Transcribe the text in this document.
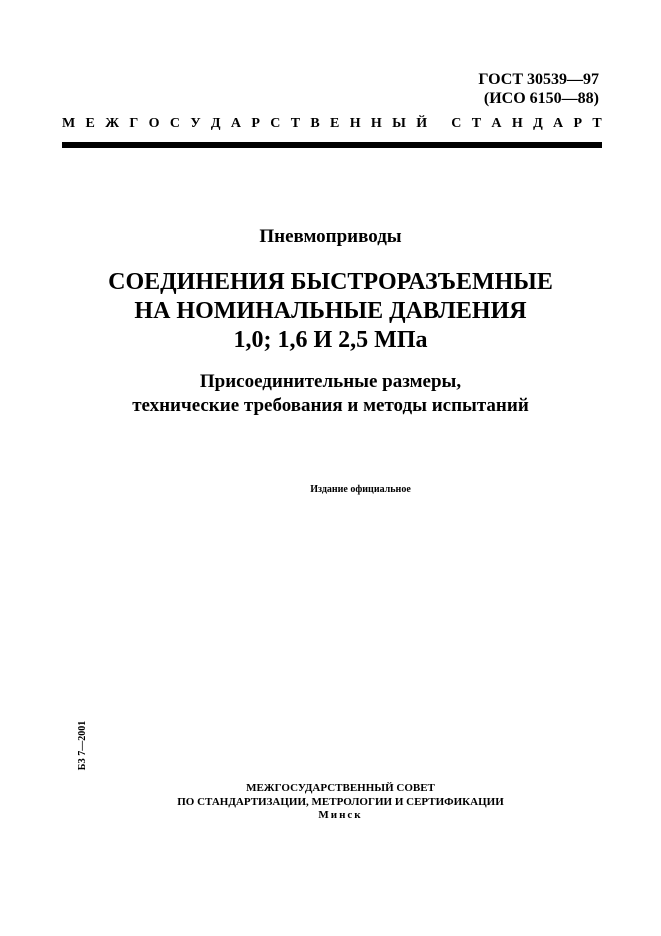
ГОСТ 30539—97
(ИСО 6150—88)
М Е Ж Г О С У Д А Р С Т В Е Н Н Ы Й
С Т А Н Д А Р Т
Пневмоприводы
СОЕДИНЕНИЯ БЫСТРОРАЗЪЕМНЫЕ
НА НОМИНАЛЬНЫЕ ДАВЛЕНИЯ
1,0; 1,6 И 2,5 МПа
Присоединительные размеры,
технические требования и методы испытаний
Издание официальное
БЗ 7—2001
МЕЖГОСУДАРСТВЕННЫЙ СОВЕТ
ПО СТАНДАРТИЗАЦИИ, МЕТРОЛОГИИ И СЕРТИФИКАЦИИ
Минск
